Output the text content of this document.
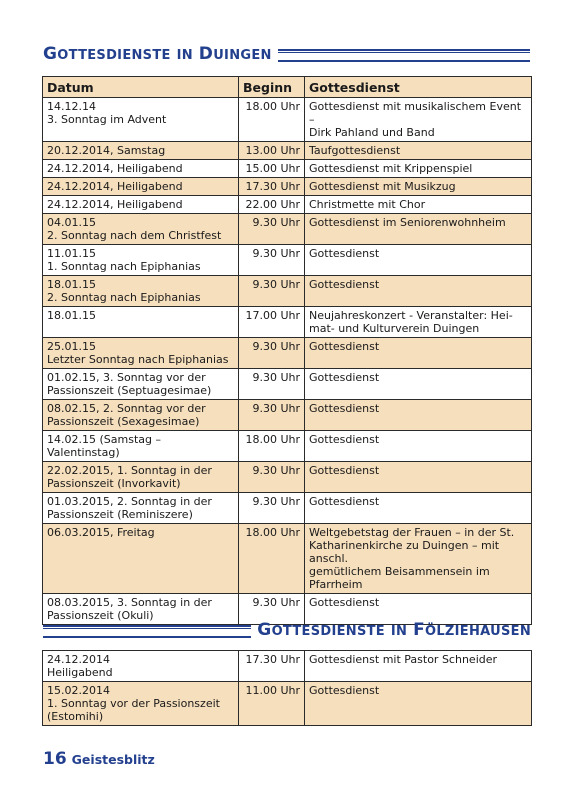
GOTTESDIENSTE IN DUINGEN
Datum	Beginn	Gottesdienst

14.12.14
3. Sonntag im Advent	18.00 Uhr	Gottesdienst mit musikalischem Event –
Dirk Pahland und Band

20.12.2014, Samstag	13.00 Uhr	Taufgottesdienst

24.12.2014, Heiligabend	15.00 Uhr	Gottesdienst mit Krippenspiel

24.12.2014, Heiligabend	17.30 Uhr	Gottesdienst mit Musikzug

24.12.2014, Heiligabend	22.00 Uhr	Christmette mit Chor

04.01.15
2. Sonntag nach dem Christfest	9.30 Uhr	Gottesdienst im Seniorenwohnheim

11.01.15
1. Sonntag nach Epiphanias	9.30 Uhr	Gottesdienst

18.01.15
2. Sonntag nach Epiphanias	9.30 Uhr	Gottesdienst

18.01.15	17.00 Uhr	Neujahreskonzert - Veranstalter: Hei-
mat- und Kulturverein Duingen

25.01.15
Letzter Sonntag nach Epiphanias	9.30 Uhr	Gottesdienst

01.02.15, 3. Sonntag vor der
Passionszeit (Septuagesimae)	9.30 Uhr	Gottesdienst

08.02.15, 2. Sonntag vor der
Passionszeit (Sexagesimae)	9.30 Uhr	Gottesdienst

14.02.15 (Samstag – Valentinstag)	18.00 Uhr	Gottesdienst

22.02.2015, 1. Sonntag in der
Passionszeit (Invorkavit)	9.30 Uhr	Gottesdienst

01.03.2015, 2. Sonntag in der
Passionszeit (Reminiszere)	9.30 Uhr	Gottesdienst

06.03.2015, Freitag	18.00 Uhr	Weltgebetstag der Frauen – in der St.
Katharinenkirche zu Duingen – mit anschl.
gemütlichem Beisammensein im Pfarrheim

08.03.2015, 3. Sonntag in der
Passionszeit (Okuli)	9.30 Uhr	Gottesdienst
GOTTESDIENSTE IN FÖLZIEHAUSEN
24.12.2014
Heiligabend	17.30 Uhr	Gottesdienst mit Pastor Schneider

15.02.2014
1. Sonntag vor der Passionszeit
(Estomihi)	11.00 Uhr	Gottesdienst
16 Geistesblitz
